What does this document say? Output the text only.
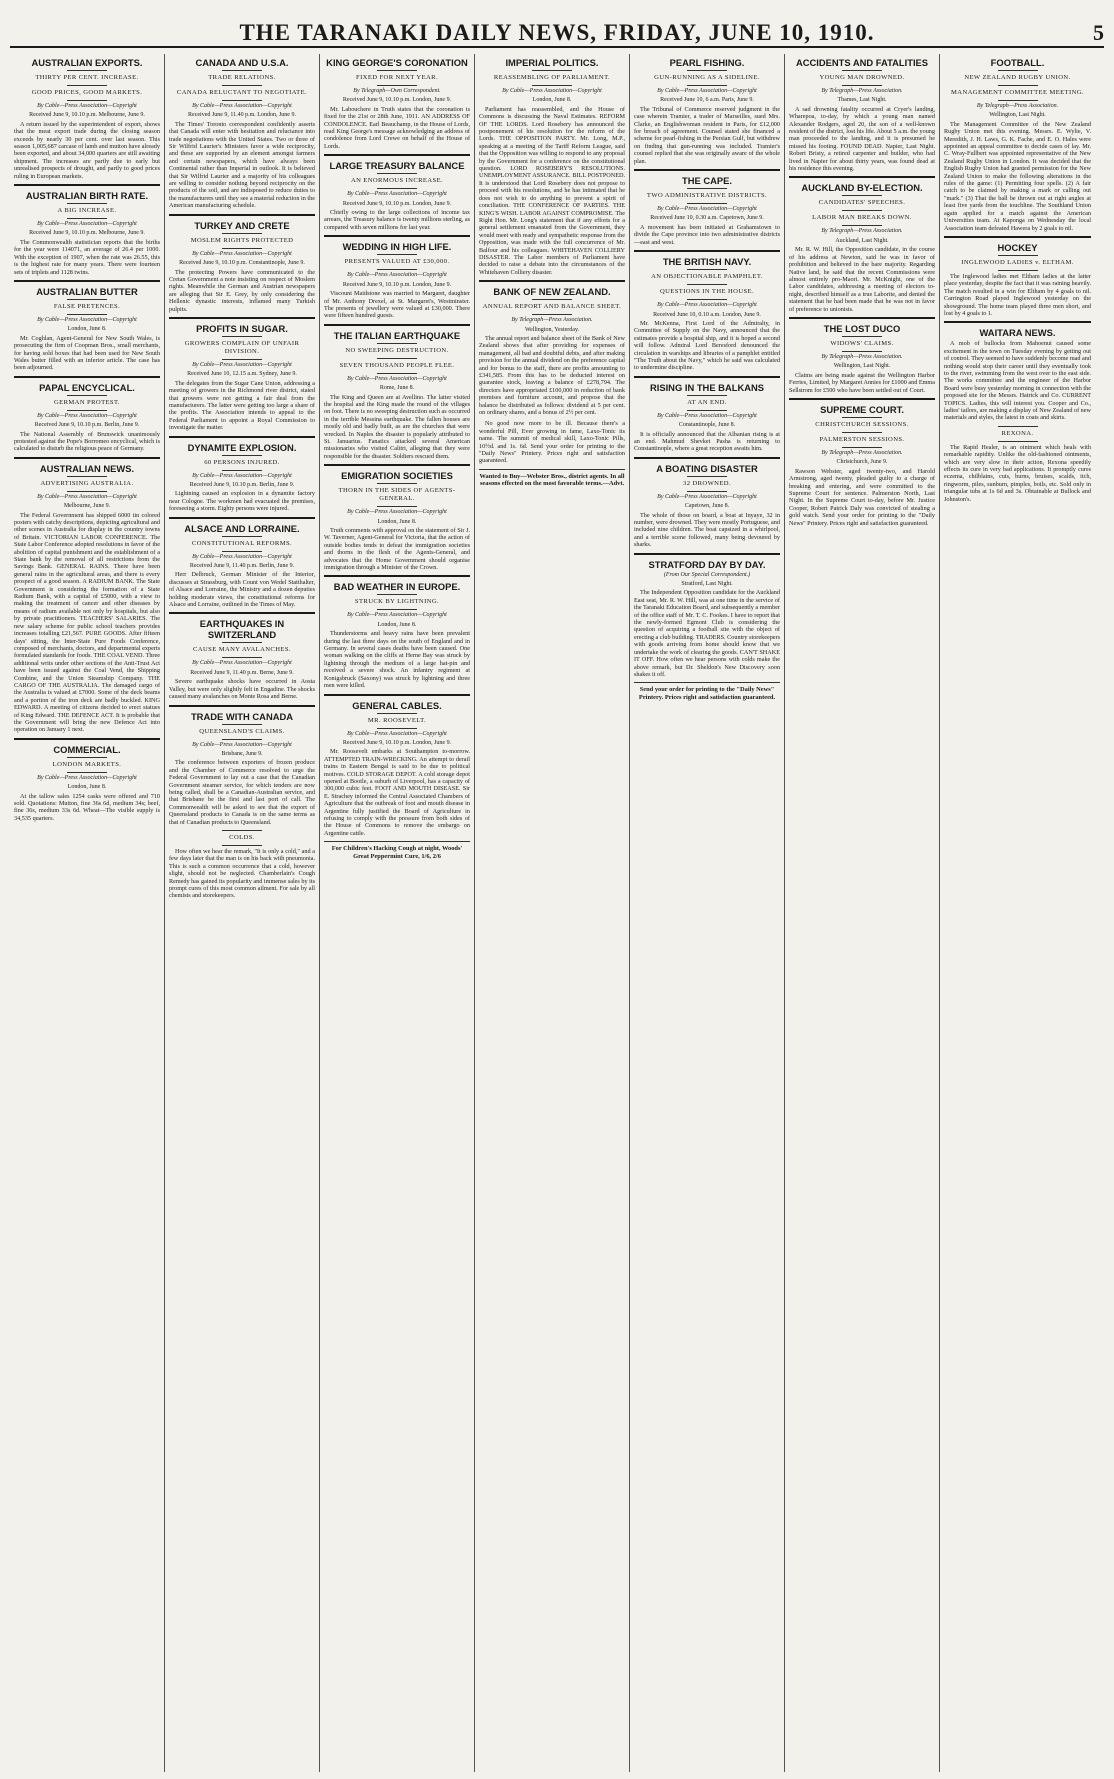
THE TARANAKI DAILY NEWS, FRIDAY, JUNE 10, 1910.	5
AUSTRALIAN EXPORTS.
THIRTY PER CENT. INCREASE.
GOOD PRICES, GOOD MARKETS.
By Cable—Press Association—Copyright
Received June 9, 10.10 p.m. Melbourne, June 9.
A return issued by the superintendent of export, shows that the meat export trade during the closing season exceeds by nearly 30 per cent. over last season. This season 1,005,687 carcase of lamb and mutton have already been exported, and about 34,000 quarters are still awaiting shipment. The increases are partly due to early but unrealised prospects of drought, and partly to good prices ruling in European markets.
AUSTRALIAN BIRTH RATE.
A BIG INCREASE.
By Cable—Press Association—Copyright
Received June 9, 10.10 p.m. Melbourne, June 9.
The Commonwealth statistician reports that the births for the year were 114071, an average of 26.4 per 1000. With the exception of 1907, when the rate was 26.55, this is the highest rate for many years. There were fourteen sets of triplets and 1128 twins.
AUSTRALIAN BUTTER
FALSE PRETENCES.
By Cable—Press Association—Copyright
London, June 8.
Mr. Coghlan, Agent-General for New South Wales, is prosecuting the firm of Coopman Bros., small merchants, for having sold boxes that had been used for New South Wales butter filled with an inferior article. The case has been adjourned.
PAPAL ENCYCLICAL.
GERMAN PROTEST.
By Cable—Press Association—Copyright
Received June 9, 10.10 p.m. Berlin, June 9.
The National Assembly of Brunswick unanimously protested against the Pope's Borromeo encyclical, which is calculated to disturb the religious peace of Germany.
AUSTRALIAN NEWS.
ADVERTISING AUSTRALIA.
By Cable—Press Association—Copyright
Melbourne, June 9.
The Federal Government has shipped 6000 tin colored posters with catchy descriptions, depicting agricultural and other scenes in Australia for display in the country towns of Britain. VICTORIAN LABOR CONFERENCE. The State Labor Conference adopted resolutions in favor of the abolition of capital punishment and the establishment of a State bank by the removal of all restrictions from the Savings Bank. GENERAL RAINS. There have been general rains in the agricultural areas, and there is every prospect of a good season. A RADIUM BANK. The State Government is considering the formation of a State Radium Bank, with a capital of £5000, with a view to making the treatment of cancer and other diseases by means of radium available not only by hospitals, but also by private practitioners. TEACHERS' SALARIES. The new salary scheme for public school teachers provides increases totalling £21,567. PURE GOODS. After fifteen days' sitting, the Inter-State Pure Foods Conference, composed of merchants, doctors, and departmental experts formulated standards for foods. THE COAL VEND. Three additional writs under other sections of the Anti-Trust Act have been issued against the Coal Vend, the Shipping Combine, and the Union Steamship Company. THE CARGO OF THE AUSTRALIA. The damaged cargo of the Australia is valued at £7000. Some of the deck beams and a portion of the iron deck are badly buckled. KING EDWARD. A meeting of citizens decided to erect statues of King Edward. THE DEFENCE ACT. It is probable that the Government will bring the new Defence Act into operation on January 1 next.
COMMERCIAL.
LONDON MARKETS.
By Cable—Press Association—Copyright
London, June 8.
At the tallow sales 1254 casks were offered and 710 sold. Quotations: Mutton, fine 36s 6d, medium 34s; beef, fine 36s, medium 33s 6d. Wheat—The visible supply is 34,535 quarters.
CANADA AND U.S.A.
TRADE RELATIONS.
CANADA RELUCTANT TO NEGOTIATE.
By Cable—Press Association—Copyright
Received June 9, 11.40 p.m. London, June 9.
The Times' Toronto correspondent confidently asserts that Canada will enter with hesitation and reluctance into trade negotiations with the United States. Two or three of Sir Wilfrid Laurier's Ministers favor a wide reciprocity, and these are supported by an element amongst farmers and certain newspapers, which have always been Continental rather than Imperial in outlook. It is believed that Sir Wilfrid Laurier and a majority of his colleagues are willing to consider nothing beyond reciprocity on the products of the soil, and are indisposed to reduce duties to the manufacturers until they see a material reduction in the American manufacturing schedule.
TURKEY AND CRETE
MOSLEM RIGHTS PROTECTED
By Cable—Press Association—Copyright
Received June 9, 10.10 p.m. Constantinople, June 9.
The protecting Powers have communicated to the Cretan Government a note insisting on respect of Moslem rights. Meanwhile the German and Austrian newspapers are alleging that Sir E. Grey, by only considering the Hellenic dynastic interests, inflamed many Turkish pulpits.
PROFITS IN SUGAR.
GROWERS COMPLAIN OF UNFAIR DIVISION.
By Cable—Press Association—Copyright
Received June 10, 12.15 a.m. Sydney, June 9.
The delegates from the Sugar Cane Union, addressing a meeting of growers in the Richmond river district, stated that growers were not getting a fair deal from the manufacturers. The latter were getting too large a share of the profits. The Association intends to appeal to the Federal Parliament to appoint a Royal Commission to investigate the matter.
DYNAMITE EXPLOSION.
60 PERSONS INJURED.
By Cable—Press Association—Copyright
Received June 9, 10.10 p.m. Berlin, June 9.
Lightning caused an explosion in a dynamite factory near Cologne. The workmen had evacuated the premises, foreseeing a storm. Eighty persons were injured.
ALSACE AND LORRAINE.
CONSTITUTIONAL REFORMS.
By Cable—Press Association—Copyright
Received June 9, 11.40 p.m. Berlin, June 9.
Herr Delbruck, German Minister of the Interior, discusses at Strassburg, with Count von Wedel Statthalter, of Alsace and Lorraine, the Ministry and a dozen deputies holding moderate views, the constitutional reforms for Alsace and Lorraine, outlined in the Times of May.
EARTHQUAKES IN SWITZERLAND
CAUSE MANY AVALANCHES.
By Cable—Press Association—Copyright
Received June 9, 11.40 p.m. Berne, June 9.
Severe earthquake shocks have occurred in Aosta Valley, but were only slightly felt in Engadine. The shocks caused many avalanches on Monte Rosa and Berne.
TRADE WITH CANADA
QUEENSLAND'S CLAIMS.
By Cable—Press Association—Copyright
Brisbane, June 9.
The conference between exporters of frozen produce and the Chamber of Commerce resolved to urge the Federal Government to lay out a case that the Canadian Government steamer service, for which tenders are now being called, shall be a Canadian-Australian service, and that Brisbane be the first and last port of call. The Commonwealth will be asked to see that the export of Queensland products to Canada is on the same terms as that of Canadian products to Queensland.
COLDS.
How often we hear the remark, "It is only a cold," and a few days later that the man is on his back with pneumonia. This is such a common occurrence that a cold, however slight, should not be neglected. Chamberlain's Cough Remedy has gained its popularity and immense sales by its prompt cures of this most common ailment. For sale by all chemists and storekeepers.
KING GEORGE'S CORONATION
FIXED FOR NEXT YEAR.
By Telegraph—Own Correspondent.
Received June 9, 10.10 p.m. London, June 9.
Mr. Labouchere in Truth states that the coronation is fixed for the 21st or 28th June, 1911. AN ADDRESS OF CONDOLENCE. Earl Beauchamp, in the House of Lords, read King George's message acknowledging an address of condolence from Lord Crewe on behalf of the House of Lords.
LARGE TREASURY BALANCE
AN ENORMOUS INCREASE.
By Cable—Press Association—Copyright
Received June 9, 10.10 p.m. London, June 9.
Chiefly owing to the large collections of income tax arrears, the Treasury balance is twenty millions sterling, as compared with seven millions for last year.
WEDDING IN HIGH LIFE.
PRESENTS VALUED AT £30,000.
By Cable—Press Association—Copyright
Received June 9, 10.10 p.m. London, June 9.
Viscount Maidstone was married to Margaret, daughter of Mr. Anthony Drexel, at St. Margaret's, Westminster. The presents of jewellery were valued at £30,000. There were fifteen hundred guests.
THE ITALIAN EARTHQUAKE
NO SWEEPING DESTRUCTION.
SEVEN THOUSAND PEOPLE FLEE.
By Cable—Press Association—Copyright
Rome, June 8.
The King and Queen are at Avellino. The latter visited the hospital and the King made the round of the villages on foot. There is no sweeping destruction such as occurred in the terrible Messina earthquake. The fallen houses are mostly old and badly built, as are the churches that were wrecked. In Naples the disaster is popularly attributed to St. Januarius. Fanatics attacked several American missionaries who visited Calitri, alleging that they were responsible for the disaster. Soldiers rescued them.
EMIGRATION SOCIETIES
THORN IN THE SIDES OF AGENTS-GENERAL.
By Cable—Press Association—Copyright
London, June 8.
Truth comments with approval on the statement of Sir J. W. Taverner, Agent-General for Victoria, that the action of outside bodies tends to defeat the immigration societies and thorns in the flesh of the Agents-General, and advocates that the Home Government should organise immigration through a Minister of the Crown.
BAD WEATHER IN EUROPE.
STRUCK BY LIGHTNING.
By Cable—Press Association—Copyright
London, June 8.
Thunderstorms and heavy rains have been prevalent during the last three days on the south of England and in Germany. In several cases deaths have been caused. One woman walking on the cliffs at Herne Bay was struck by lightning through the medium of a large hat-pin and received a severe shock. An infantry regiment at Konigsbruck (Saxony) was struck by lightning and three men were killed.
GENERAL CABLES.
MR. ROOSEVELT.
By Cable—Press Association—Copyright
Received June 9, 10.10 p.m. London, June 9.
Mr. Roosevelt embarks at Southampton to-morrow. ATTEMPTED TRAIN-WRECKING. An attempt to derail trains in Eastern Bengal is said to be due to political motives. COLD STORAGE DEPOT. A cold storage depot opened at Bootle, a suburb of Liverpool, has a capacity of 300,000 cubic feet. FOOT AND MOUTH DISEASE. Sir E. Strachey informed the Central Associated Chambers of Agriculture that the outbreak of foot and mouth disease in Argentine fully justified the Board of Agriculture in refusing to comply with the pressure from both sides of the House of Commons to remove the embargo on Argentine cattle.
For Children's Hacking Cough at night, Woods' Great Peppermint Cure, 1/6, 2/6
IMPERIAL POLITICS.
REASSEMBLING OF PARLIAMENT.
By Cable—Press Association—Copyright
London, June 8.
Parliament has reassembled, and the House of Commons is discussing the Naval Estimates. REFORM OF THE LORDS. Lord Rosebery has announced the postponement of his resolution for the reform of the Lords. THE OPPOSITION PARTY. Mr. Long, M.P., speaking at a meeting of the Tariff Reform League, said that the Opposition was willing to respond to any proposal by the Government for a conference on the constitutional question. LORD ROSEBERY'S RESOLUTIONS. UNEMPLOYMENT ASSURANCE. BILL POSTPONED. It is understood that Lord Rosebery does not propose to proceed with his resolutions, and he has intimated that he does not wish to do anything to prevent a spirit of conciliation. THE CONFERENCE OF PARTIES. THE KING'S WISH. LABOR AGAINST COMPROMISE. The Right Hon. Mr. Long's statement that if any efforts for a general settlement emanated from the Government, they would meet with ready and sympathetic response from the Opposition, was made with the full concurrence of Mr. Balfour and his colleagues. WHITEHAVEN COLLIERY DISASTER. The Labor members of Parliament have decided to raise a debate into the circumstances of the Whitehaven Colliery disaster.
BANK OF NEW ZEALAND.
ANNUAL REPORT AND BALANCE SHEET.
By Telegraph—Press Association.
Wellington, Yesterday.
The annual report and balance sheet of the Bank of New Zealand shows that after providing for expenses of management, all bad and doubtful debts, and after making provision for the annual dividend on the preference capital and for bonus to the staff, there are profits amounting to £341,585. From this has to be deducted interest on guarantee stock, leaving a balance of £278,794. The directors have appropriated £100,000 in reduction of bank premises and furniture account, and propose that the balance be distributed as follows: dividend at 5 per cent. on ordinary shares, and a bonus of 2½ per cent.
No good now more to be ill. Because there's a wonderful Pill, Ever growing in fame, Laxo-Tonic its name. The summit of medical skill, Laxo-Tonic Pills, 10½d. and 1s. 6d. Send your order for printing to the "Daily News" Printery. Prices right and satisfaction guaranteed.
Wanted to Buy—Webster Bros., district agents. In all seasons effected on the most favorable terms.—Advt.
PEARL FISHING.
GUN-RUNNING AS A SIDELINE.
By Cable—Press Association—Copyright
Received June 10, 6 a.m. Paris, June 9.
The Tribunal of Commerce reserved judgment in the case wherein Tramier, a trader of Marseilles, sued Mrs. Clarke, an Englishwoman resident in Paris, for £12,000 for breach of agreement. Counsel stated she financed a scheme for pearl-fishing in the Persian Gulf, but withdrew on finding that gun-running was included. Tramier's counsel replied that she was originally aware of the whole plan.
THE CAPE.
TWO ADMINISTRATIVE DISTRICTS.
By Cable—Press Association—Copyright
Received June 10, 0.30 a.m. Capetown, June 9.
A movement has been initiated at Grahamstown to divide the Cape province into two administrative districts—east and west.
THE BRITISH NAVY.
AN OBJECTIONABLE PAMPHLET.
QUESTIONS IN THE HOUSE.
By Cable—Press Association—Copyright
Received June 10, 0.10 a.m. London, June 9.
Mr. McKenna, First Lord of the Admiralty, in Committee of Supply on the Navy, announced that the estimates provide a hospital ship, and it is hoped a second will follow. Admiral Lord Beresford denounced the circulation in warships and libraries of a pamphlet entitled "The Truth about the Navy," which he said was calculated to undermine discipline.
RISING IN THE BALKANS
AT AN END.
By Cable—Press Association—Copyright
Constantinople, June 8.
It is officially announced that the Albanian rising is at an end. Mahmud Shevket Pasha is returning to Constantinople, where a great reception awaits him.
A BOATING DISASTER
32 DROWNED.
By Cable—Press Association—Copyright
Capetown, June 8.
The whole of those on board, a boat at Inyaye, 32 in number, were drowned. They were mostly Portuguese, and included nine children. The boat capsized in a whirlpool, and a terrible scene followed, many being devoured by sharks.
STRATFORD DAY BY DAY.
(From Our Special Correspondent.)
Stratford, Last Night.
The Independent Opposition candidate for the Auckland East seat, Mr. R. W. Hill, was at one time in the service of the Taranaki Education Board, and subsequently a member of the office staff of Mr. T. C. Fookes. I have to report that the newly-formed Egmont Club is considering the question of acquiring a football site with the object of erecting a club building. TRADERS. Country storekeepers with goods arriving from home should know that we undertake the work of clearing the goods. CAN'T SHAKE IT OFF. How often we hear persons with colds make the above remark, but Dr. Sheldon's New Discovery soon shakes it off.
Send your order for printing to the "Daily News" Printery. Prices right and satisfaction guaranteed.
ACCIDENTS AND FATALITIES
YOUNG MAN DROWNED.
By Telegraph—Press Association.
Thames, Last Night.
A sad drowning fatality occurred at Cryer's landing, Wharepoa, to-day, by which a young man named Alexander Rodgers, aged 20, the son of a well-known resident of the district, lost his life. About 5 a.m. the young man proceeded to the landing, and it is presumed he missed his footing. FOUND DEAD. Napier, Last Night. Robert Bristy, a retired carpenter and builder, who had lived in Napier for about thirty years, was found dead at his residence this evening.
AUCKLAND BY-ELECTION.
CANDIDATES' SPEECHES.
LABOR MAN BREAKS DOWN.
By Telegraph—Press Association.
Auckland, Last Night.
Mr. R. W. Hill, the Opposition candidate, in the course of his address at Newton, said he was in favor of prohibition and believed in the bare majority. Regarding Native land, he said that the recent Commissions were almost entirely pro-Maori. Mr. McKnight, one of the Labor candidates, addressing a meeting of electors to-night, described himself as a true Laborite, and denied the statement that he had been made that he was not in favor of preference to unionists.
THE LOST DUCO
WIDOWS' CLAIMS.
By Telegraph—Press Association.
Wellington, Last Night.
Claims are being made against the Wellington Harbor Ferries, Limited, by Margaret Annies for £1000 and Emma Sellstrom for £500 who have been settled out of Court.
SUPREME COURT.
CHRISTCHURCH SESSIONS.
PALMERSTON SESSIONS.
By Telegraph—Press Association.
Christchurch, June 9.
Rawson Webster, aged twenty-two, and Harold Armstrong, aged twenty, pleaded guilty to a charge of breaking and entering, and were committed to the Supreme Court for sentence. Palmerston North, Last Night. In the Supreme Court to-day, before Mr. Justice Cooper, Robert Patrick Daly was convicted of stealing a gold watch. Send your order for printing to the "Daily News" Printery. Prices right and satisfaction guaranteed.
FOOTBALL.
NEW ZEALAND RUGBY UNION.
MANAGEMENT COMMITTEE MEETING.
By Telegraph—Press Association.
Wellington, Last Night.
The Management Committee of the New Zealand Rugby Union met this evening. Messrs. E. Wylie, V. Meredith, J. H. Laws, G. K. Fache, and E. O. Hales were appointed an appeal committee to decide cases of lay. Mr. C. Wray-Fullbert was appointed representative of the New Zealand Rugby Union in London. It was decided that the English Rugby Union had granted permission for the New Zealand Union to make the following alterations in the rules of the game: (1) Permitting four spells. (2) A fair catch to be claimed by making a mark or calling out "mark." (3) That the ball be thrown out at right angles at least five yards from the touchline. The Southland Union again applied for a match against the American Universities team. At Kaponga on Wednesday the local Association team defeated Hawera by 2 goals to nil.
HOCKEY
INGLEWOOD LADIES v. ELTHAM.
The Inglewood ladies met Eltham ladies at the latter place yesterday, despite the fact that it was raining heavily. The match resulted in a win for Eltham by 4 goals to nil. Carrington Road played Inglewood yesterday on the showground. The home team played three men short, and lost by 4 goals to 1.
WAITARA NEWS.
A mob of bullocks from Mahoenui caused some excitement in the town on Tuesday evening by getting out of control. They seemed to have suddenly become mad and nothing would stop their career until they eventually took to the river, swimming from the west over to the east side. The works committee and the engineer of the Harbor Board were busy yesterday morning in connection with the proposed site for the Messrs. Hatrick and Co. CURRENT TOPICS. Ladies, this will interest you. Cooper and Co., ladies' tailors, are making a display of New Zealand of new materials and styles, the latest in coats and skirts.
REXONA.
The Rapid Healer, is an ointment which heals with remarkable rapidity. Unlike the old-fashioned ointments, which are very slow in their action, Rexona speedily effects its cure in very bad applications. It promptly cures eczema, chilblains, cuts, burns, bruises, scalds, itch, ringworm, piles, sunburn, pimples, boils, etc. Sold only in triangular tubs at 1s 6d and 3s. Obtainable at Bullock and Johnston's.
